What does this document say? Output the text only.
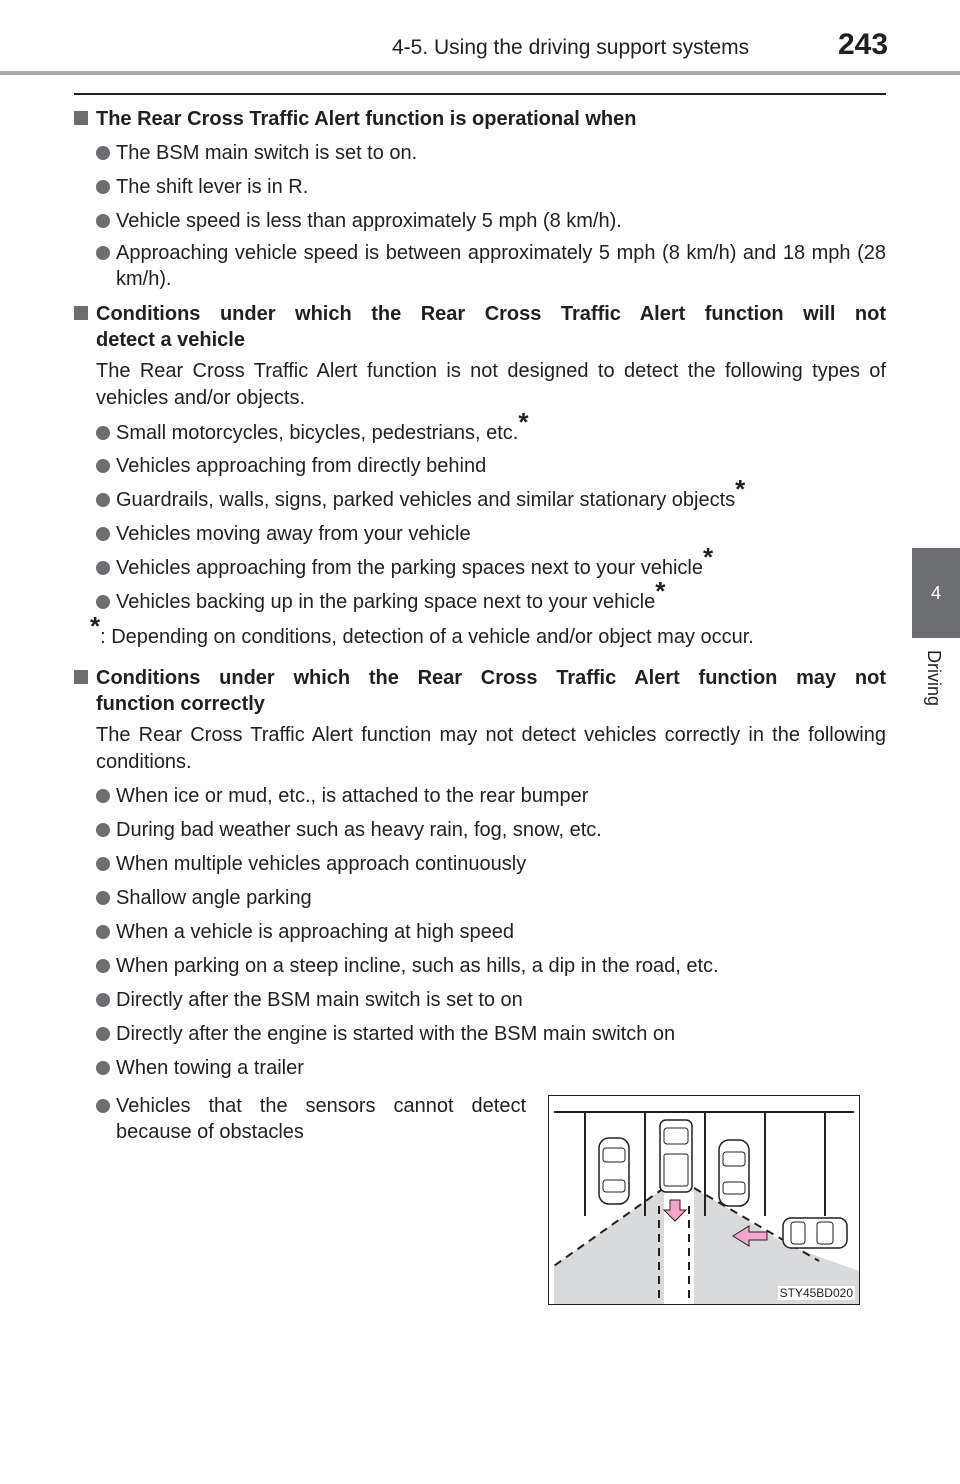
4-5. Using the driving support systems	243
4
Driving
The Rear Cross Traffic Alert function is operational when
The BSM main switch is set to on.
The shift lever is in R.
Vehicle speed is less than approximately 5 mph (8 km/h).
Approaching vehicle speed is between approximately 5 mph (8 km/h) and 18 mph (28 km/h).
Conditions under which the Rear Cross Traffic Alert function will not
detect a vehicle
The Rear Cross Traffic Alert function is not designed to detect the following types of vehicles and/or objects.
Small motorcycles, bicycles, pedestrians, etc.*
Vehicles approaching from directly behind
Guardrails, walls, signs, parked vehicles and similar stationary objects*
Vehicles moving away from your vehicle
Vehicles approaching from the parking spaces next to your vehicle*
Vehicles backing up in the parking space next to your vehicle*
*: Depending on conditions, detection of a vehicle and/or object may occur.
Conditions under which the Rear Cross Traffic Alert function may not
function correctly
The Rear Cross Traffic Alert function may not detect vehicles correctly in the following conditions.
When ice or mud, etc., is attached to the rear bumper
During bad weather such as heavy rain, fog, snow, etc.
When multiple vehicles approach continuously
Shallow angle parking
When a vehicle is approaching at high speed
When parking on a steep incline, such as hills, a dip in the road, etc.
Directly after the BSM main switch is set to on
Directly after the engine is started with the BSM main switch on
When towing a trailer
Vehicles that the sensors cannot detect because of obstacles
STY45BD020
